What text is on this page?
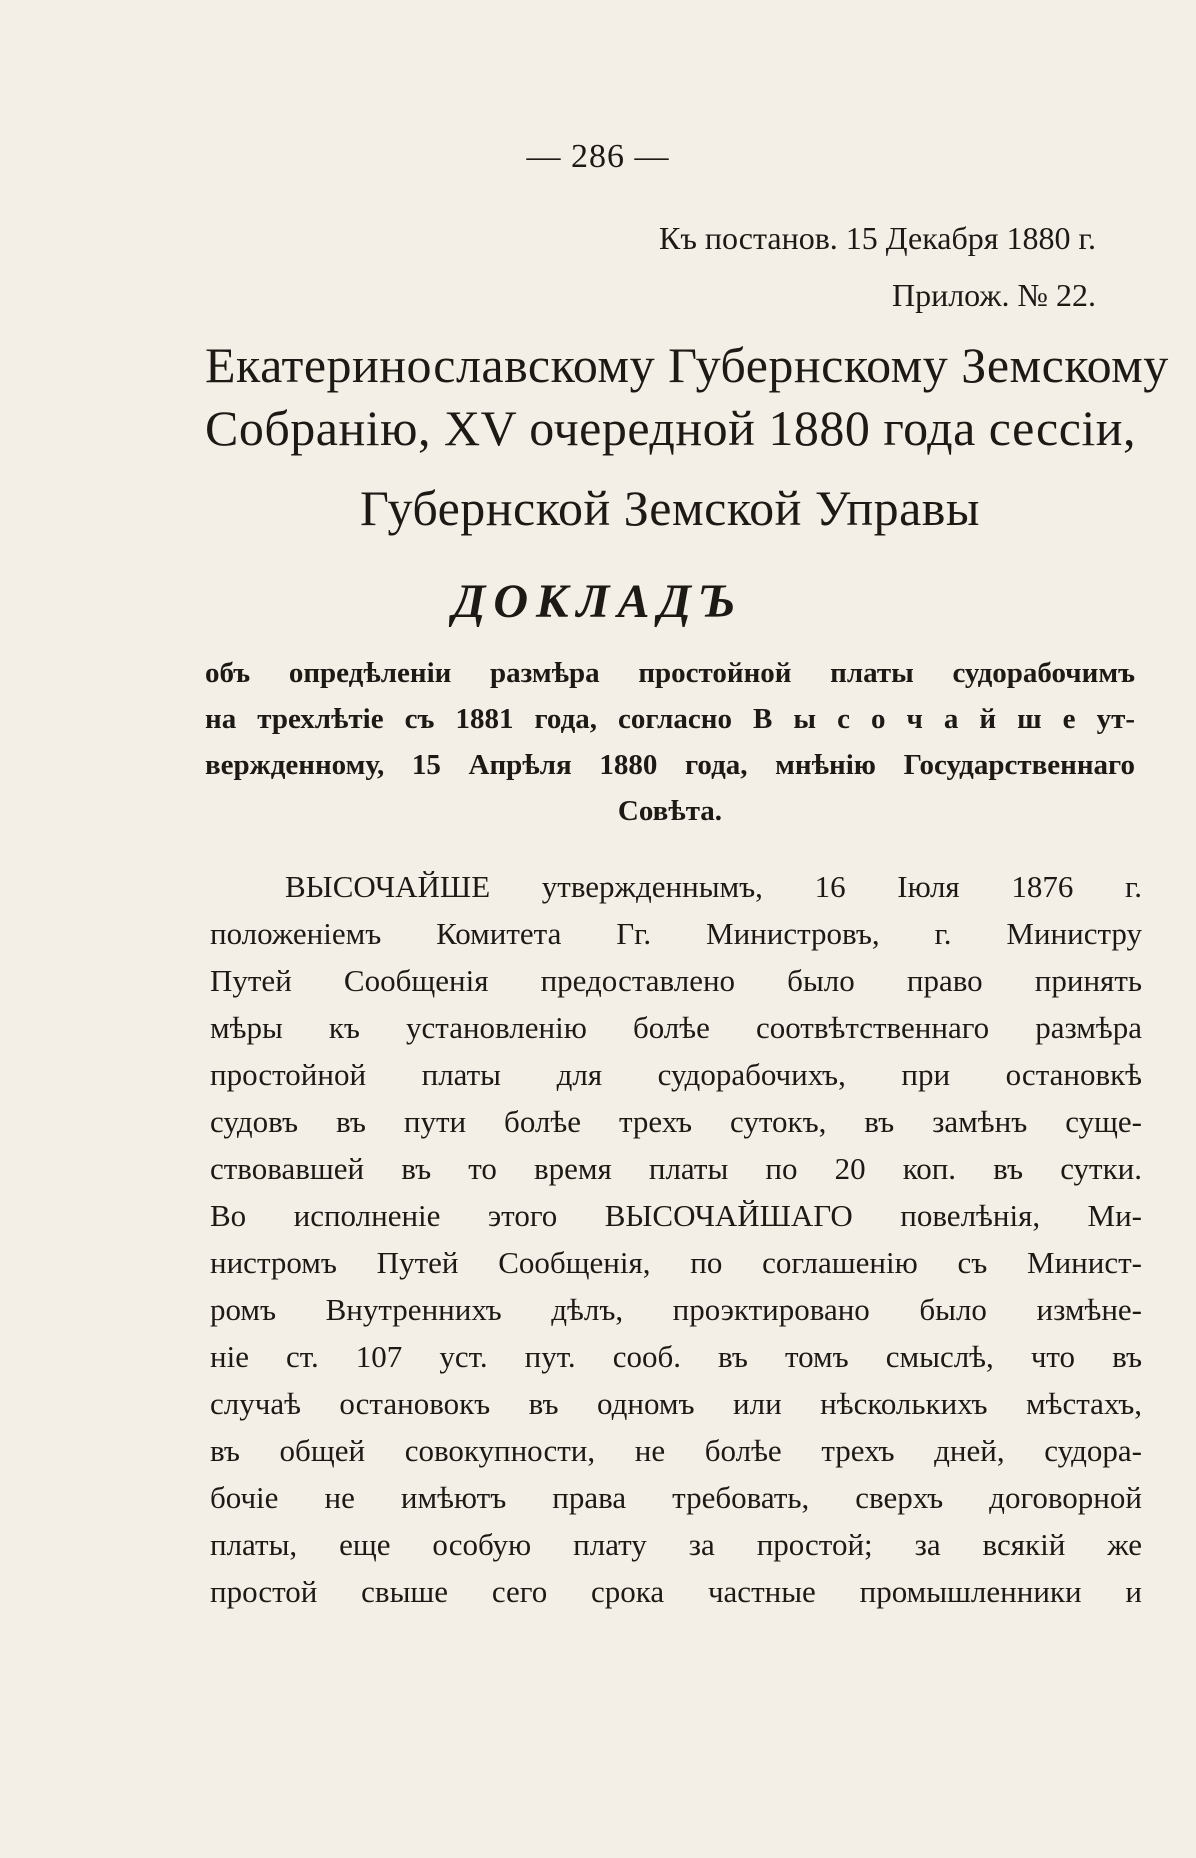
— 286 —
Къ постанов. 15 Декабря 1880 г.
Прилож. № 22.
Екатеринославскому Губернскому Земскому
Собранію, XV очередной 1880 года сессіи,
Губернской Земской Управы
ДОКЛАДЪ
объ опредѣленіи размѣра простойной платы судорабочимъ
на трехлѣтіе съ 1881 года, согласно В ы с о ч а й ш е ут-
вержденному, 15 Апрѣля 1880 года, мнѣнію Государственнаго
Совѣта.
ВЫСОЧАЙШЕ утвержденнымъ, 16 Іюля 1876 г.
положеніемъ Комитета Гг. Министровъ, г. Министру
Путей Сообщенія предоставлено было право принять
мѣры къ установленію болѣе соотвѣтственнаго размѣра
простойной платы для судорабочихъ, при остановкѣ
судовъ въ пути болѣе трехъ сутокъ, въ замѣнъ суще-
ствовавшей въ то время платы по 20 коп. въ сутки.
Во исполненіе этого ВЫСОЧАЙШАГО повелѣнія, Ми-
нистромъ Путей Сообщенія, по соглашенію съ Минист-
ромъ Внутреннихъ дѣлъ, проэктировано было измѣне-
ніе ст. 107 уст. пут. сооб. въ томъ смыслѣ, что въ
случаѣ остановокъ въ одномъ или нѣсколькихъ мѣстахъ,
въ общей совокупности, не болѣе трехъ дней, судора-
бочіе не имѣютъ права требовать, сверхъ договорной
платы, еще особую плату за простой; за всякій же
простой свыше сего срока частные промышленники и
